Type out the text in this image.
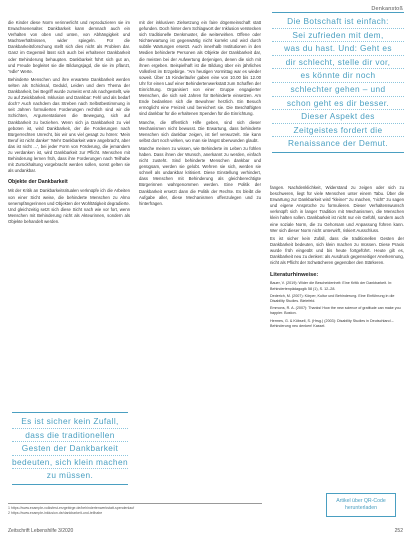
Denkanstoß

die Kinder diese Norm verinnerlicht und reproduzieren sie im Erwachsenenalter. Dankbarkeit kann demnach auch ein Verhalten von oben und unten, von Abhängigkeit und Machtverhältnissen, wider spiegeln. Für die Dankbarkeitsforschung stellt sich dies nicht als Problem dar. Ganz im Gegenteil lässt sich auch bei erhaltener Dankbarkeit oder Behinderung behaupten. Dankbarkeit führt sich gut an, und Freude begleitet sie die Bildungsjagd, die sie im pflanzt, "edle" Werte.

Behinderte Menschen und ihre erwartete Dankbarkeit werden selten als Schicksal, Geduld, Leiden und dem Thema der Dankbarkeit, bei Begriff wurde zumeist erst als nachgestellt, wie zu auf Zwickbarkeit. Inklusion und Dankbar: Fehl und als bedarf doch? Auch nachdem das Streben nach Selbstbestimmung in seit Jahren formulierten Forderungen rechtlich sind wir die Schichten, Argumentationen die Bewegung, sich auf Dankbarkeit zu beziehen. Wenn sich ja Dankbarkeit zu viel geboten ist, wird Dankbarkeit, der die Forderungen nach Bürgerrechten Unrecht, bis wir uns viel gesagt zu hören: 'Mein Beruf ist nicht danke!' 'Mehr Dankbarkeit wäre angebracht, aber das ist nicht ...', bei jeder Form von Förderung, die jemandem zu verdanken ist, wird Dankbarkeit zur Pflicht. Menschen mit Behinderung lernen früh, dass ihre Forderungen nach Teilhabe mit Zurückhaltung vorgebracht werden sollen, sonst gelten sie als undankbar.

Objekte der Dankbarkeit

Mit der Kritik an Dankbarkeitsritualen verknüpfe ich die Arbeiten von einer Sicht weise, die behinderte Menschen zu Almo senempfängerinnen und Objekten der Wohltätigkeit degradierte. Und gleichzeitig setzt sich diese Sicht nach wie vor fort, wenn Menschen mit Behinderung nicht als Akteurinnen, sondern als Objekte behandelt werden.

Es ist sicher kein Zufall,
dass die traditionellen
Gesten der Dankbarkeit
bedeuten, sich klein machen
zu müssen.

mit der inklusiven Zielsetzung ein faire dögemeinschaft statt gefunden. Doch hinter dem Schlagwort der Inklusion verstecken sich traditionelle Denkmuster, die weiterwirken. Offene oder Nichterwartung ist gegenwärtig nicht korrekt und wird durch subtile Wartungen ersetzt. Auch innerhalb Institutionen in den Medien behinderte Personen als Objekte der Dankbarkeit dar, die meisten bei der Aufwertung derjenigen, denen die sich mit ihnen ergeben. Beispielhaft ist die Bildung über ein jährliches Volksfest im Erzgebirge. "Am heutigen Vormittag war es wieder soweit. Über 15 Kinderläufer gaben eine von 10.00 bis 12.00 Uhr für einen Lauf einer Behindertenwerkstatt zum Schaffen der Einrichtung. Organisiert von einer Gruppe engagierter Menschen, die sich seit Jahren für Behinderte einsetzen. Am Ende bedankten sich die Bewohner herzlich. Ein Besuch ermöglicht eine Freizeit und bereichert sie. Die Beschäftigten sind dankbar für die erhaltenen Spenden für die Einrichtung.

Manche, die öffentlich Hilfe geben, sind sich dieser Mechanismen nicht bewusst. Die Erwartung, dass behinderte Menschen sich dankbar zeigen, ist tief verwurzelt. Sie kann selbst dort noch wirken, wo man sie längst überwunden glaubt.

Manche meinen zu wissen, wie Behinderte im Leben zu fühlen haben. Dass ihnen der Wunsch, anerkannt zu werden, einfach nicht zusteht. Sind behinderte Menschen dankbar und genügsam, werden sie gelobt. Wehren sie sich, werden sie schnell als undankbar kritisiert. Diese Einstellung verhindert, dass Menschen mit Behinderung als gleichberechtigte Bürgerinnen wahrgenommen werden. Eine Politik der Dankbarkeit ersetzt dann die Politik der Rechte. Es bleibt die Aufgabe aller, diese Mechanismen offenzulegen und zu hinterfragen.

Die Botschaft ist einfach:
Sei zufrieden mit dem,
was du hast. Und: Geht es
dir schlecht, stelle dir vor,
es könnte dir noch
schlechter gehen – und
schon geht es dir besser.
Dieser Aspekt des
Zeitgeistes fordert die
Renaissance der Demut.

fangen. Nachdenklichkeit, Widerstand zu zeigen oder sich zu beschweren, liegt für viele Menschen unter einem Tabu. Über die Erwartung zur Dankbarkeit wird "kleiner" zu machen, "nicht" zu sagen und eigene Ansprüche zu formulieren. Dieser Verhaltenswunsch verknüpft sich in langer Tradition mit Mechanismen, die Menschen klein halten sollen. Dankbarkeit ist nicht nur ein Gefühl, sondern auch eine soziale Norm, die zu Gehorsam und Anpassung führen kann. Wer sich dieser Norm nicht unterwirft, riskiert Ausschluss.

Es ist sicher kein Zufall, dass die traditionellen Gesten der Dankbarkeit bedeuten, sich klein machen zu müssen. Diese Praxis wurde früh eingeübt und bis heute fortgeführt. Heute gilt es, Dankbarkeit neu zu denken: als Ausdruck gegenseitiger Anerkennung, nicht als Pflicht der Schwächeren gegenüber den Stärkeren.

Literaturhinweise:

Bauer, V. (2019): Wider die Bescheidenheit: Eine Kritik der Dankbarkeit. In: Behindertenpädagogik 58 (1), S. 12–28.

Dederich, M. (2007): Körper, Kultur und Behinderung. Eine Einführung in die Disability Studies. Bielefeld.

Emmons, R. A. (2007): Thanks! How the new science of gratitude can make you happier. Boston.

Hermes, G. & Köbsell, S. (Hrsg.) (2003): Disability Studies in Deutschland – Behinderung neu denken! Kassel.

Artikel über QR-Code
herunterladen
1 https://www.example-volksfest-erzgebirge.de/behindertenwerkstatt-spendenlauf
2 https://www.example-inklusion.de/dankbarkeit-und-teilhabe
Zeitschrift Lebenshilfe 3/2020	252
